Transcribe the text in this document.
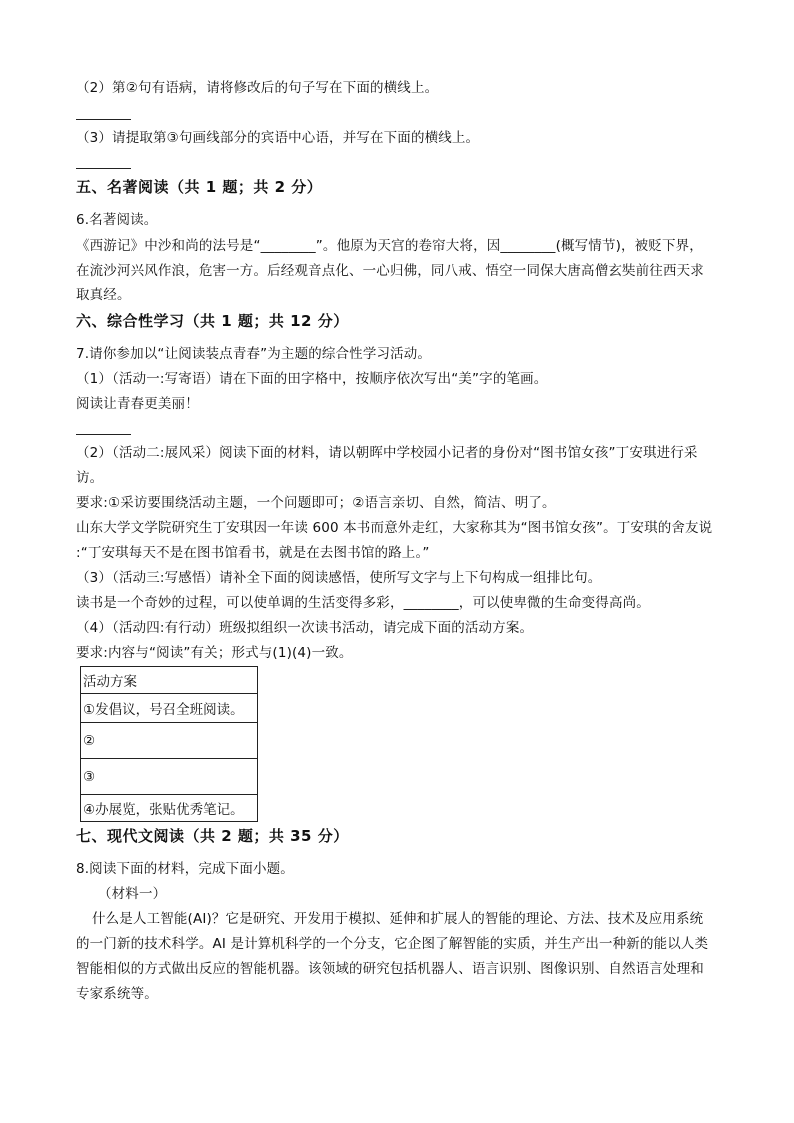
（2）第②句有语病，请将修改后的句子写在下面的横线上。
（3）请提取第③句画线部分的宾语中心语，并写在下面的横线上。
五、名著阅读（共 1 题；共 2 分）
6.名著阅读。
《西游记》中沙和尚的法号是“________”。他原为天宫的卷帘大将，因________(概写情节)，被贬下界，
在流沙河兴风作浪，危害一方。后经观音点化、一心归佛，同八戒、悟空一同保大唐高僧玄奘前往西天求
取真经。
六、综合性学习（共 1 题；共 12 分）
7.请你参加以“让阅读装点青春”为主题的综合性学习活动。
（1）（活动一:写寄语）请在下面的田字格中，按顺序依次写出“美”字的笔画。
阅读让青春更美丽！
（2）（活动二:展风采）阅读下面的材料，请以朝晖中学校园小记者的身份对“图书馆女孩”丁安琪进行采
访。
要求:①采访要围绕活动主题，一个问题即可；②语言亲切、自然，简洁、明了。
山东大学文学院研究生丁安琪因一年读 600 本书而意外走红，大家称其为“图书馆女孩”。丁安琪的舍友说
:“丁安琪每天不是在图书馆看书，就是在去图书馆的路上。”
（3）（活动三:写感悟）请补全下面的阅读感悟，使所写文字与上下句构成一组排比句。
读书是一个奇妙的过程，可以使单调的生活变得多彩，________，可以使卑微的生命变得高尚。
（4）（活动四:有行动）班级拟组织一次读书活动，请完成下面的活动方案。
要求:内容与“阅读”有关；形式与(1)(4)一致。
活动方案
①发倡议，号召全班阅读。
②
③
④办展览，张贴优秀笔记。
七、现代文阅读（共 2 题；共 35 分）
8.阅读下面的材料，完成下面小题。
（材料一）
什么是人工智能(AI)？它是研究、开发用于模拟、延伸和扩展人的智能的理论、方法、技术及应用系统
的一门新的技术科学。AI 是计算机科学的一个分支，它企图了解智能的实质，并生产出一种新的能以人类
智能相似的方式做出反应的智能机器。该领域的研究包括机器人、语言识别、图像识别、自然语言处理和
专家系统等。
